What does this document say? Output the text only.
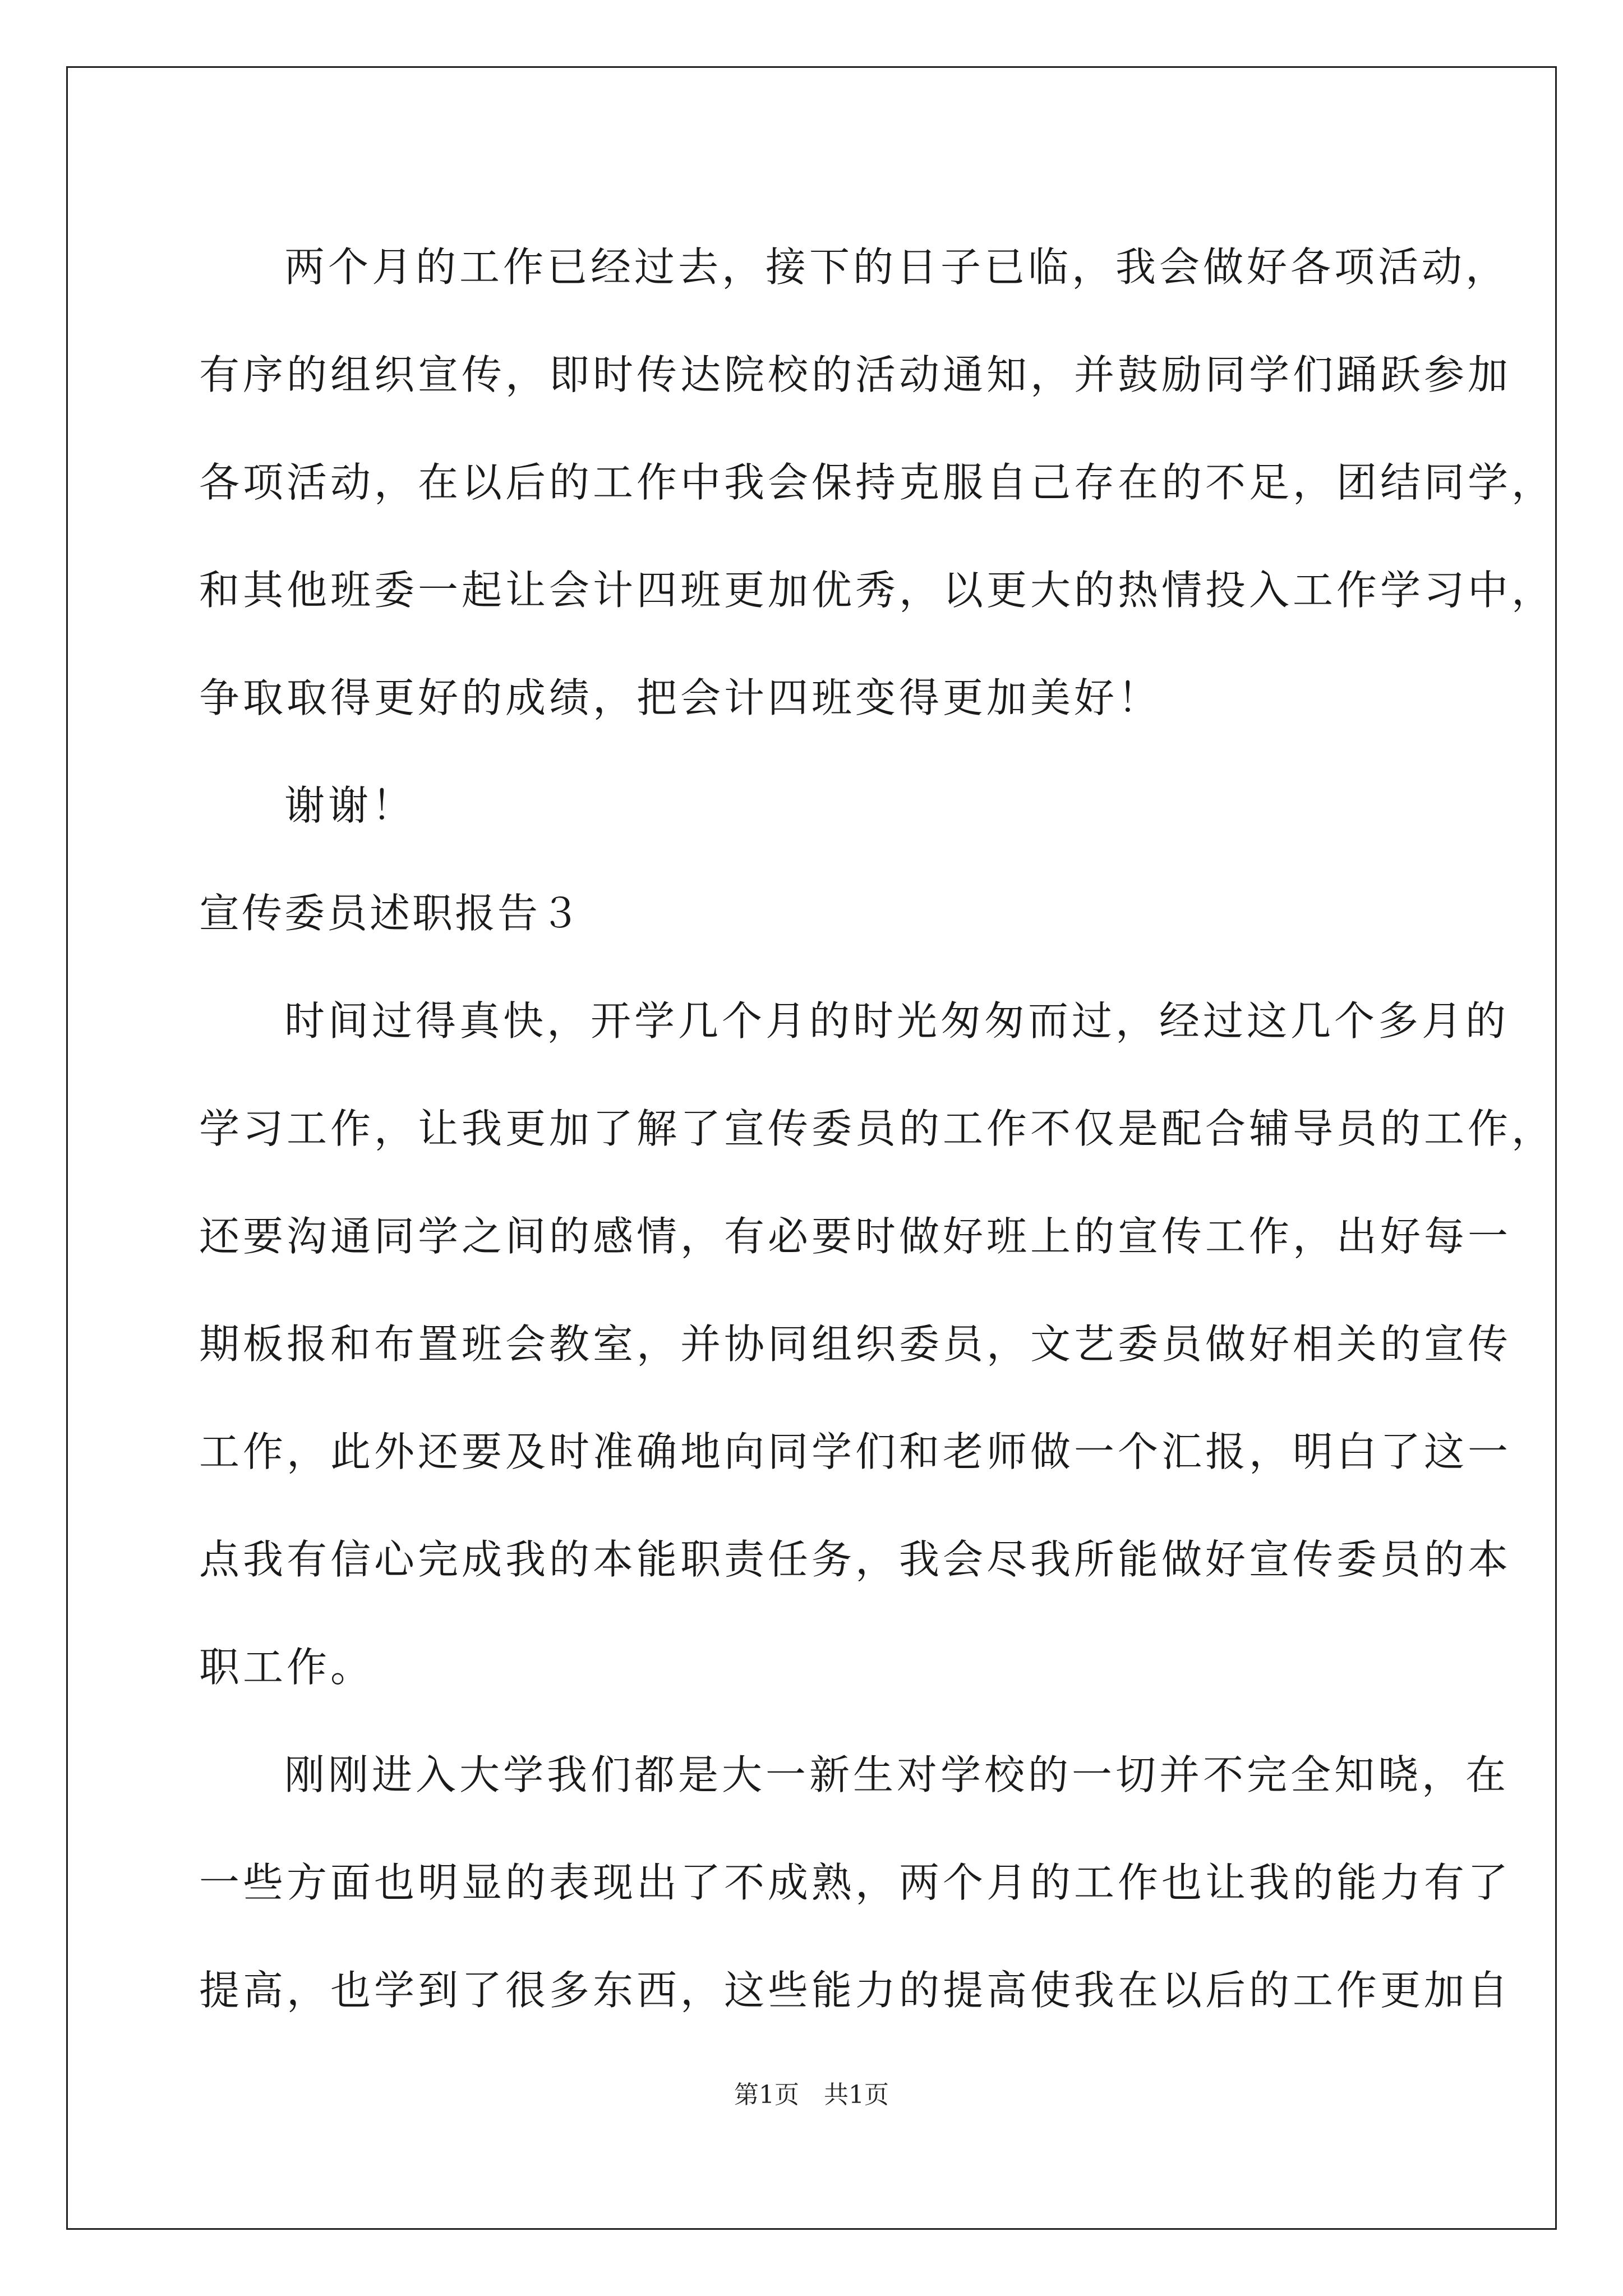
两个月的工作已经过去，接下的日子已临，我会做好各项活动，
有序的组织宣传，即时传达院校的活动通知，并鼓励同学们踊跃参加
各项活动，在以后的工作中我会保持克服自己存在的不足，团结同学，
和其他班委一起让会计四班更加优秀，以更大的热情投入工作学习中，
争取取得更好的成绩，把会计四班变得更加美好！
谢谢！
宣传委员述职报告３
时间过得真快，开学几个月的时光匆匆而过，经过这几个多月的
学习工作，让我更加了解了宣传委员的工作不仅是配合辅导员的工作，
还要沟通同学之间的感情，有必要时做好班上的宣传工作，出好每一
期板报和布置班会教室，并协同组织委员，文艺委员做好相关的宣传
工作，此外还要及时准确地向同学们和老师做一个汇报，明白了这一
点我有信心完成我的本能职责任务，我会尽我所能做好宣传委员的本
职工作。
刚刚进入大学我们都是大一新生对学校的一切并不完全知晓，在
一些方面也明显的表现出了不成熟，两个月的工作也让我的能力有了
提高，也学到了很多东西，这些能力的提高使我在以后的工作更加自
第1页　共1页
